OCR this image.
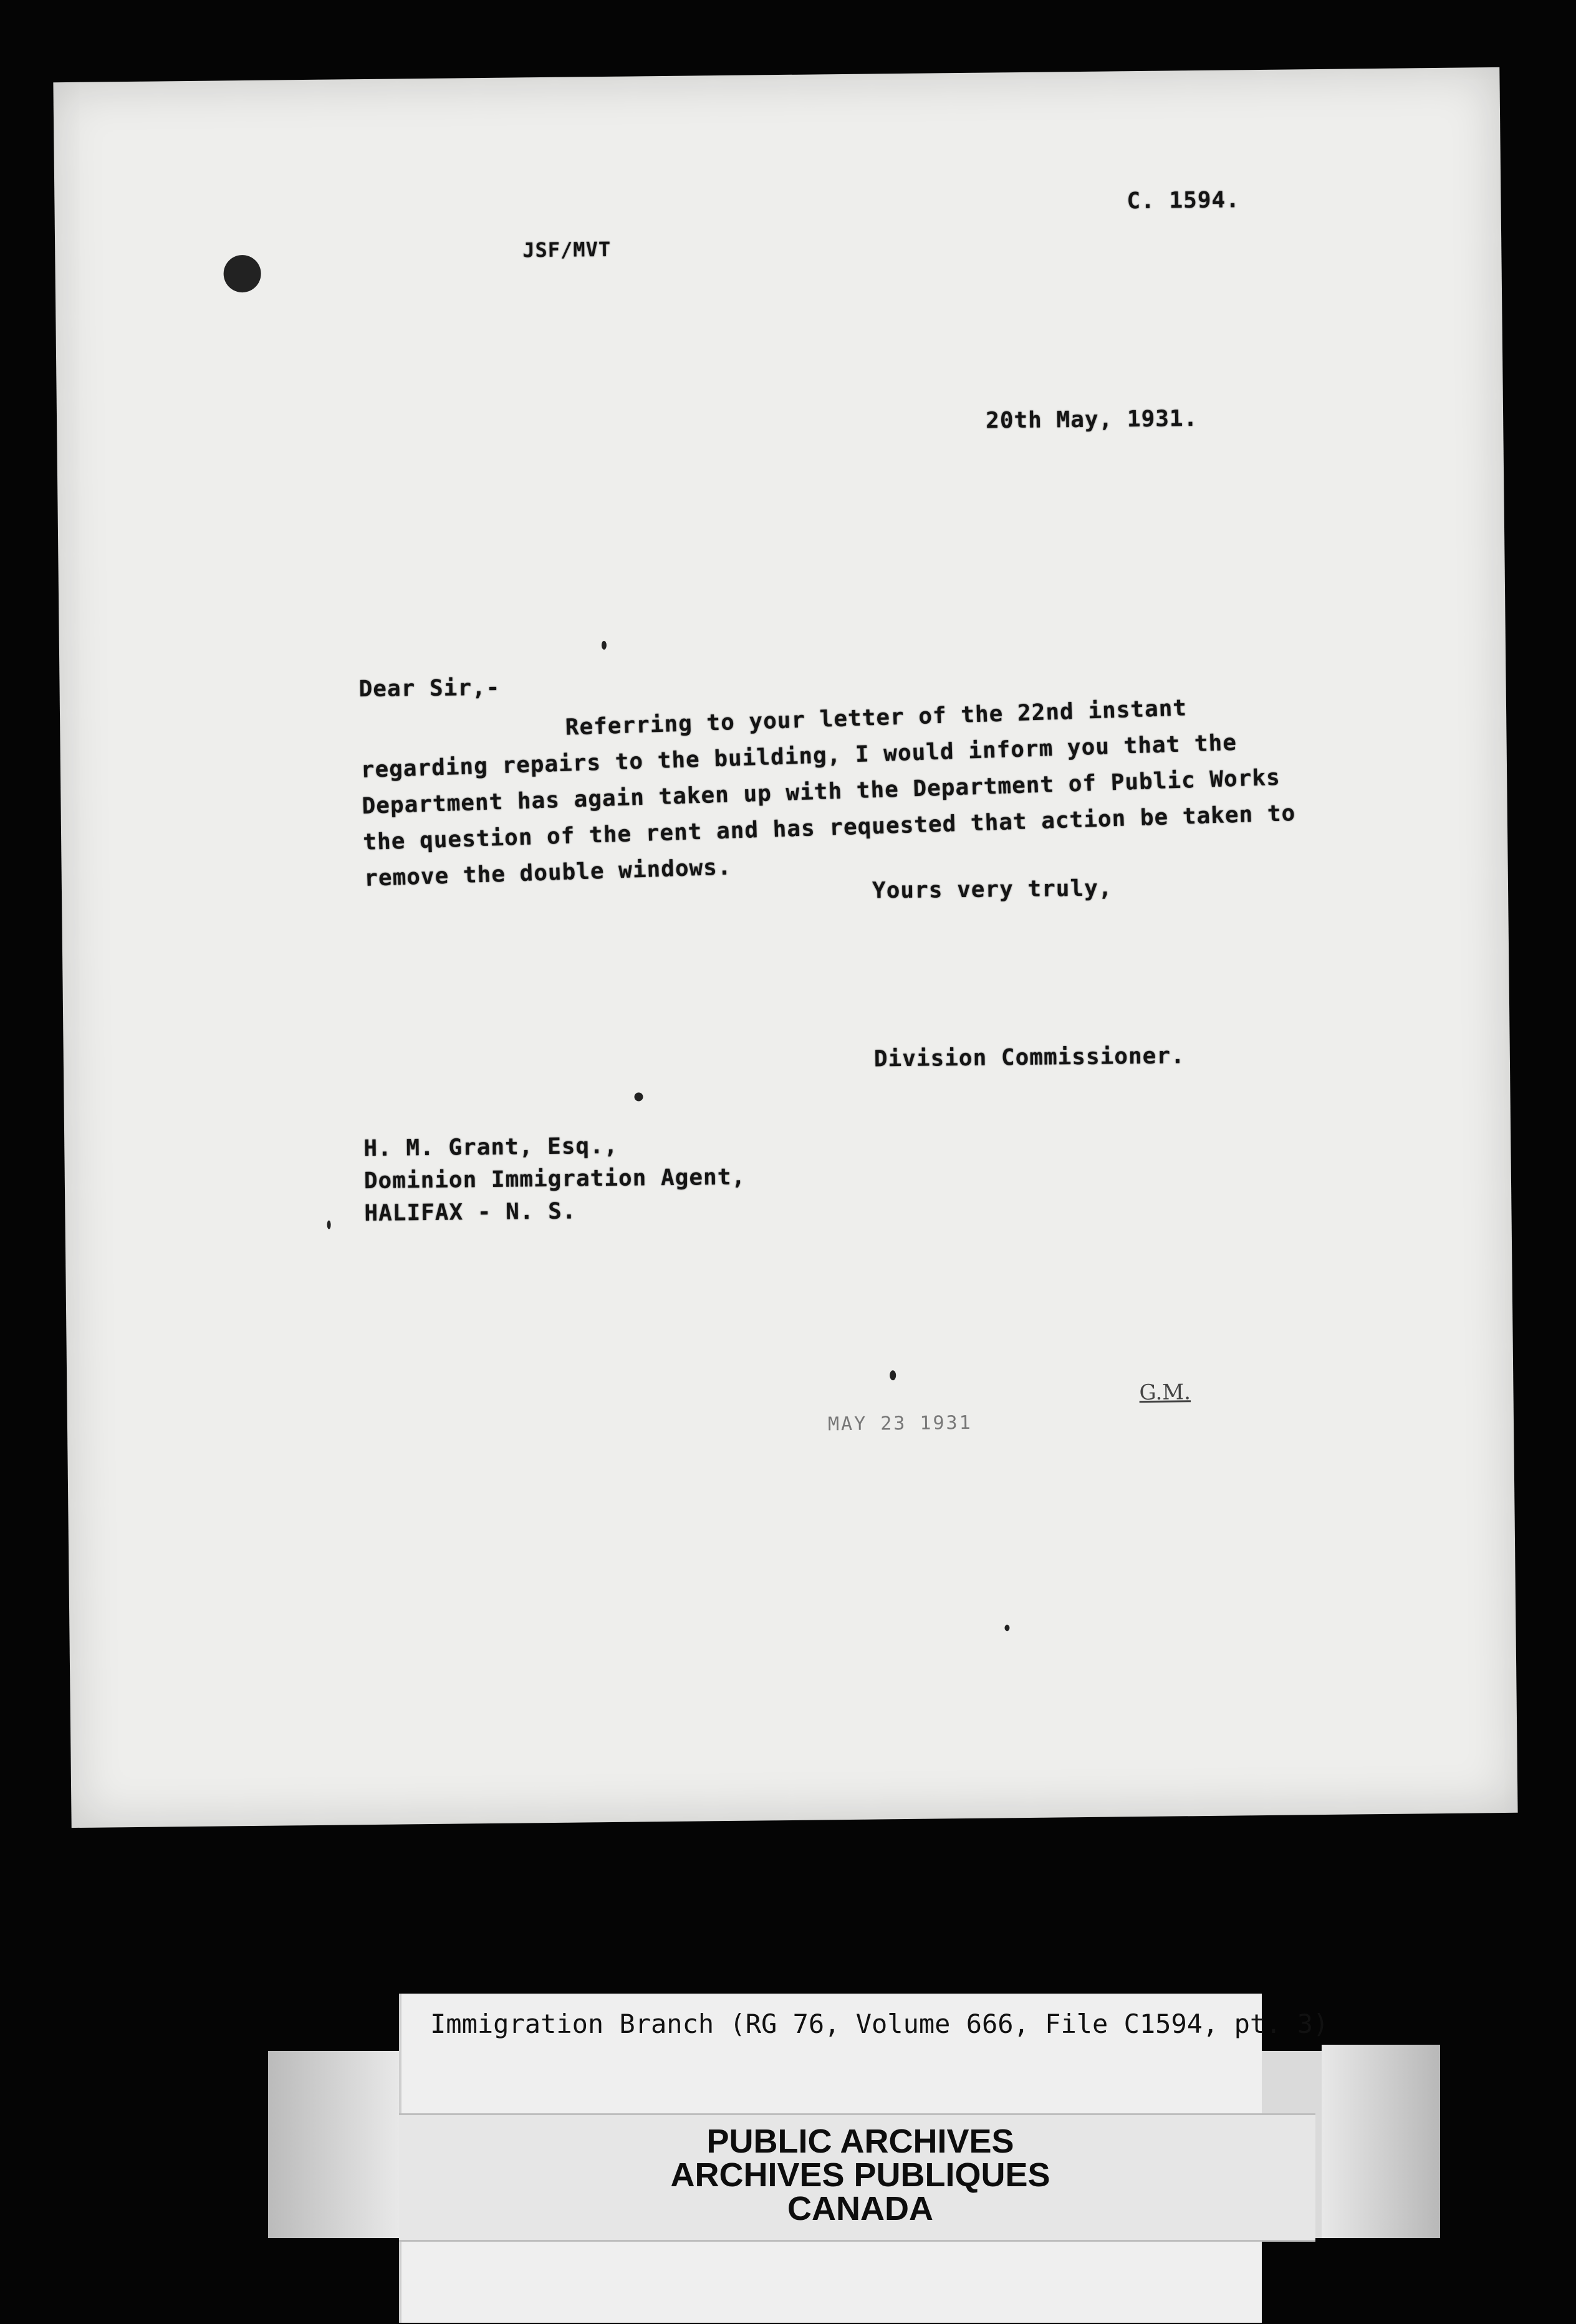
C. 1594.
JSF/MVT
20th May, 1931.
Dear Sir,-
Referring to your letter of the 22nd instant regarding repairs to the building, I would inform you that the Department has again taken up with the Department of Public Works the question of the rent and has requested that action be taken to remove the double windows.	Yours very truly,
Division Commissioner.
H. M. Grant, Esq.,
Dominion Immigration Agent,
HALIFAX - N. S.
MAY 23 1931
G.M.
Immigration Branch (RG 76, Volume 666, File C1594, pt. 3)
PUBLIC ARCHIVES
ARCHIVES PUBLIQUES
CANADA
